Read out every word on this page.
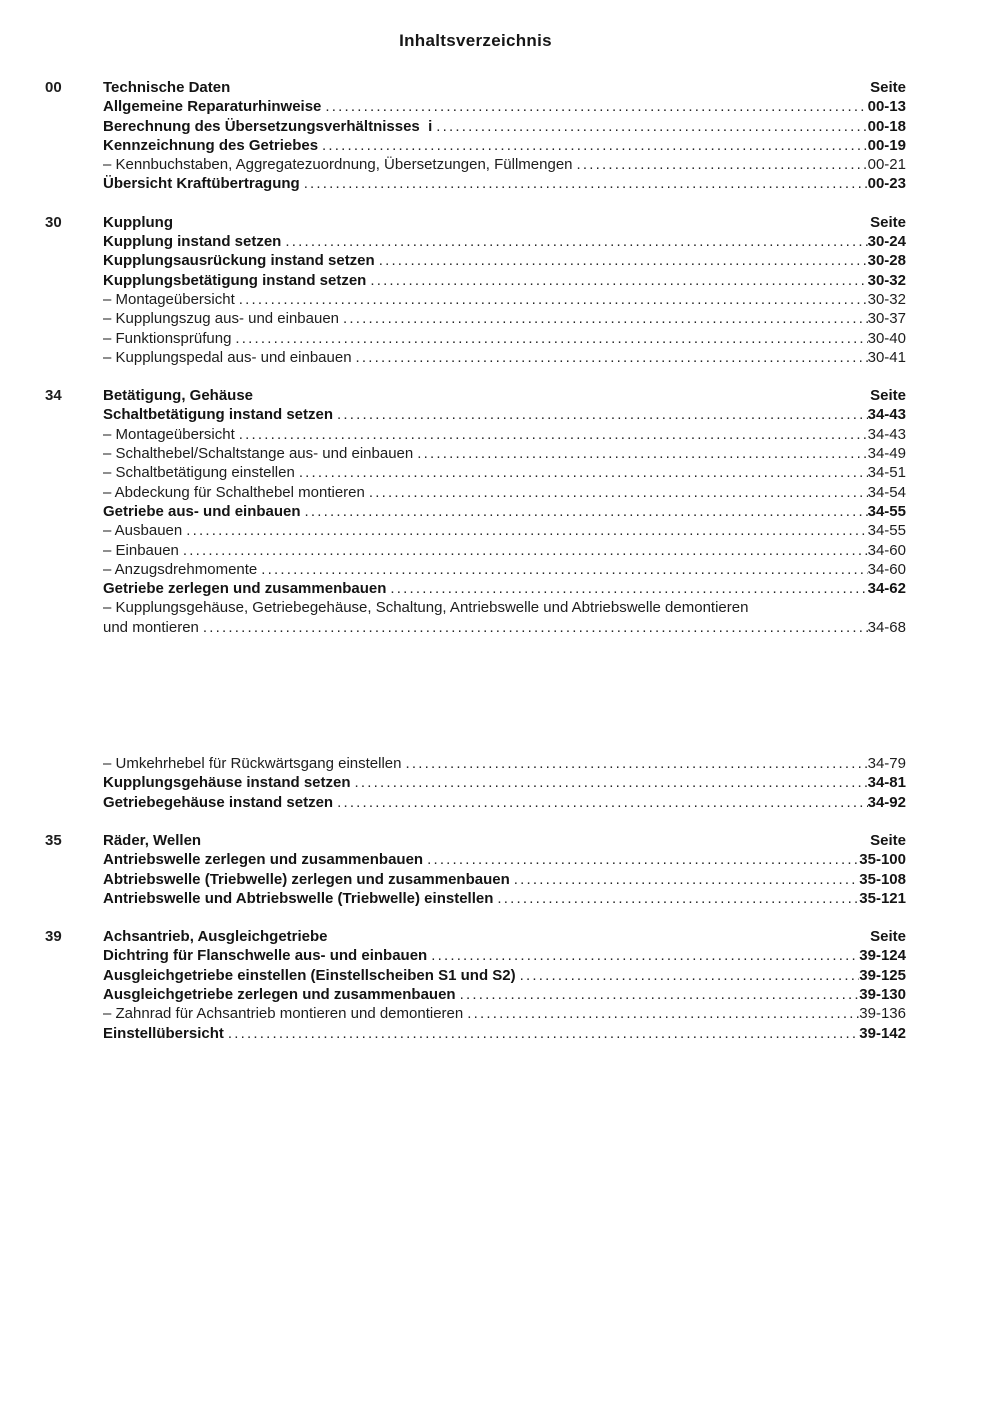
Inhaltsverzeichnis
00	Technische Daten	Seite
Allgemeine Reparaturhinweise .....	00-13
Berechnung des Übersetzungsverhältnisses  i .....	00-18
Kennzeichnung des Getriebes .....	00-19
– Kennbuchstaben, Aggregatezuordnung, Übersetzungen, Füllmengen .....	00-21
Übersicht Kraftübertragung .....	00-23
30	Kupplung	Seite
Kupplung instand setzen .....	30-24
Kupplungsausrückung instand setzen .....	30-28
Kupplungsbetätigung instand setzen .....	30-32
– Montageübersicht .....	30-32
– Kupplungszug aus- und einbauen .....	30-37
– Funktionsprüfung .....	30-40
– Kupplungspedal aus- und einbauen .....	30-41
34	Betätigung, Gehäuse	Seite
Schaltbetätigung instand setzen .....	34-43
– Montageübersicht .....	34-43
– Schalthebel/Schaltstange aus- und einbauen .....	34-49
– Schaltbetätigung einstellen .....	34-51
– Abdeckung für Schalthebel montieren .....	34-54
Getriebe aus- und einbauen .....	34-55
– Ausbauen .....	34-55
– Einbauen .....	34-60
– Anzugsdrehmomente .....	34-60
Getriebe zerlegen und zusammenbauen .....	34-62
– Kupplungsgehäuse, Getriebegehäuse, Schaltung, Antriebswelle und Abtriebswelle demontieren
und montieren .....	34-68
– Umkehrhebel für Rückwärtsgang einstellen .....	34-79
Kupplungsgehäuse instand setzen .....	34-81
Getriebegehäuse instand setzen .....	34-92
35	Räder, Wellen	Seite
Antriebswelle zerlegen und zusammenbauen .....	35-100
Abtriebswelle (Triebwelle) zerlegen und zusammenbauen .....	35-108
Antriebswelle und Abtriebswelle (Triebwelle) einstellen .....	35-121
39	Achsantrieb, Ausgleichgetriebe	Seite
Dichtring für Flanschwelle aus- und einbauen .....	39-124
Ausgleichgetriebe einstellen (Einstellscheiben S1 und S2) .....	39-125
Ausgleichgetriebe zerlegen und zusammenbauen .....	39-130
– Zahnrad für Achsantrieb montieren und demontieren .....	39-136
Einstellübersicht .....	39-142
